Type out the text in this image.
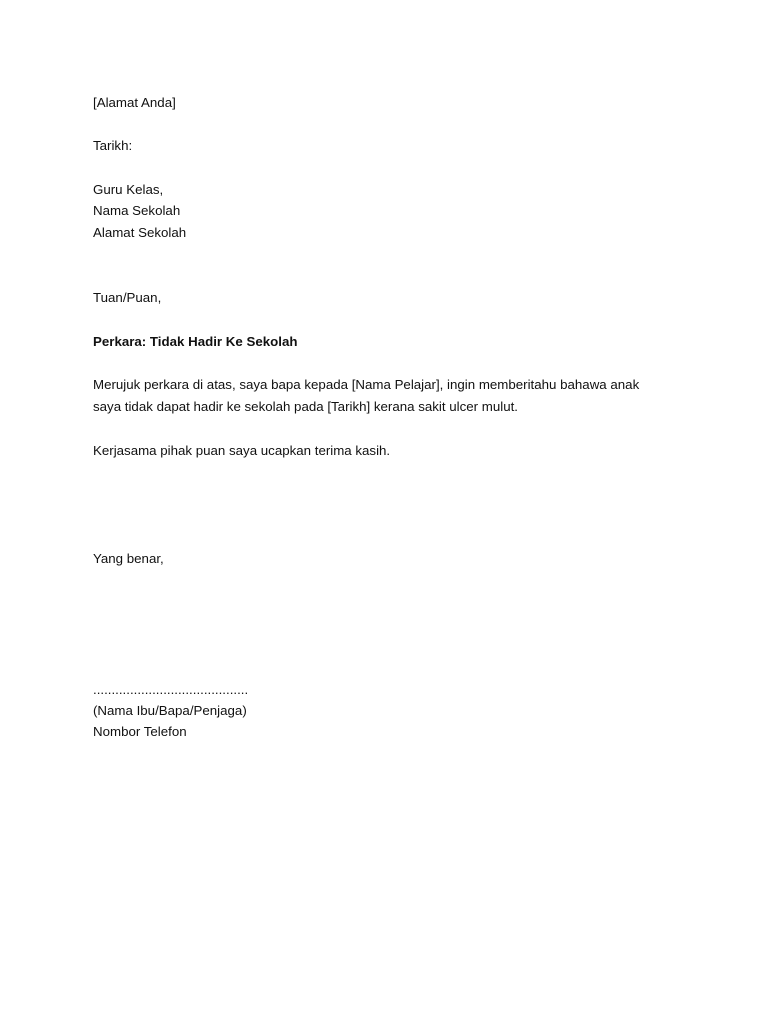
[Alamat Anda]
Tarikh:
Guru Kelas,
Nama Sekolah
Alamat Sekolah
Tuan/Puan,
Perkara: Tidak Hadir Ke Sekolah
Merujuk perkara di atas, saya bapa kepada [Nama Pelajar], ingin memberitahu bahawa anak
saya tidak dapat hadir ke sekolah pada [Tarikh] kerana sakit ulcer mulut.
Kerjasama pihak puan saya ucapkan terima kasih.
Yang benar,
..........................................
(Nama Ibu/Bapa/Penjaga)
Nombor Telefon
